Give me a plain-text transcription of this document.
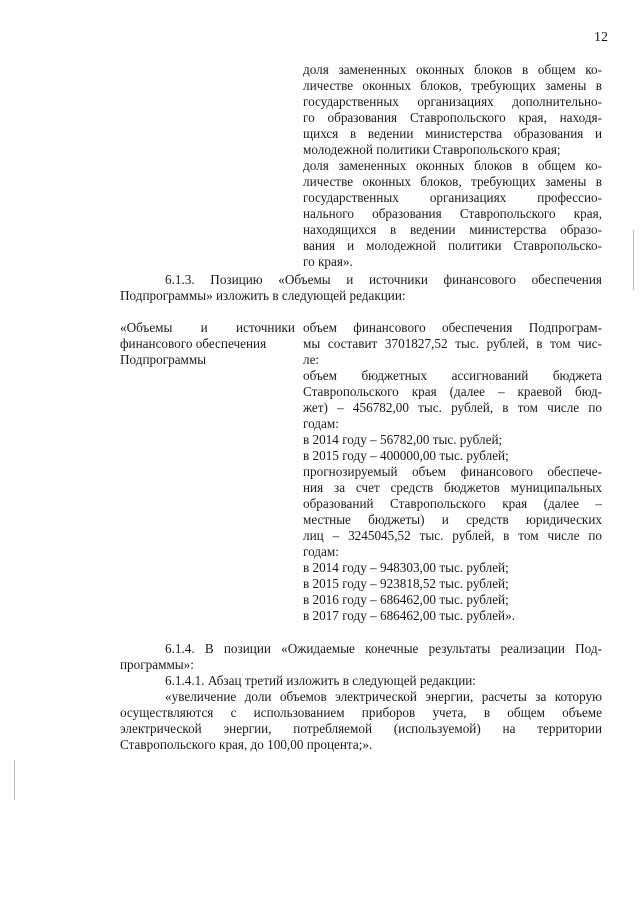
12
доля замененных оконных блоков в общем ко-
личестве оконных блоков, требующих замены в
государственных организациях дополнительно-
го образования Ставропольского края, находя-
щихся в ведении министерства образования и
молодежной политики Ставропольского края;
доля замененных оконных блоков в общем ко-
личестве оконных блоков, требующих замены в
государственных организациях профессио-
нального образования Ставропольского края,
находящихся в ведении министерства образо-
вания и молодежной политики Ставропольско-
го края».
6.1.3. Позицию «Объемы и источники финансового обеспечения
Подпрограммы» изложить в следующей редакции:
«Объемы и источники
финансового обеспечения
Подпрограммы
объем финансового обеспечения Подпрограм-
мы составит 3701827,52 тыс. рублей, в том чис-
ле:
объем бюджетных ассигнований бюджета
Ставропольского края (далее – краевой бюд-
жет) – 456782,00 тыс. рублей, в том числе по
годам:
в 2014 году – 56782,00 тыс. рублей;
в 2015 году – 400000,00 тыс. рублей;
прогнозируемый объем финансового обеспече-
ния за счет средств бюджетов муниципальных
образований Ставропольского края (далее –
местные бюджеты) и средств юридических
лиц – 3245045,52 тыс. рублей, в том числе по
годам:
в 2014 году – 948303,00 тыс. рублей;
в 2015 году – 923818,52 тыс. рублей;
в 2016 году – 686462,00 тыс. рублей;
в 2017 году – 686462,00 тыс. рублей».
6.1.4. В позиции «Ожидаемые конечные результаты реализации Под-
программы»:
6.1.4.1. Абзац третий изложить в следующей редакции:
«увеличение доли объемов электрической энергии, расчеты за которую
осуществляются с использованием приборов учета, в общем объеме
электрической энергии, потребляемой (используемой) на территории
Ставропольского края, до 100,00 процента;».
